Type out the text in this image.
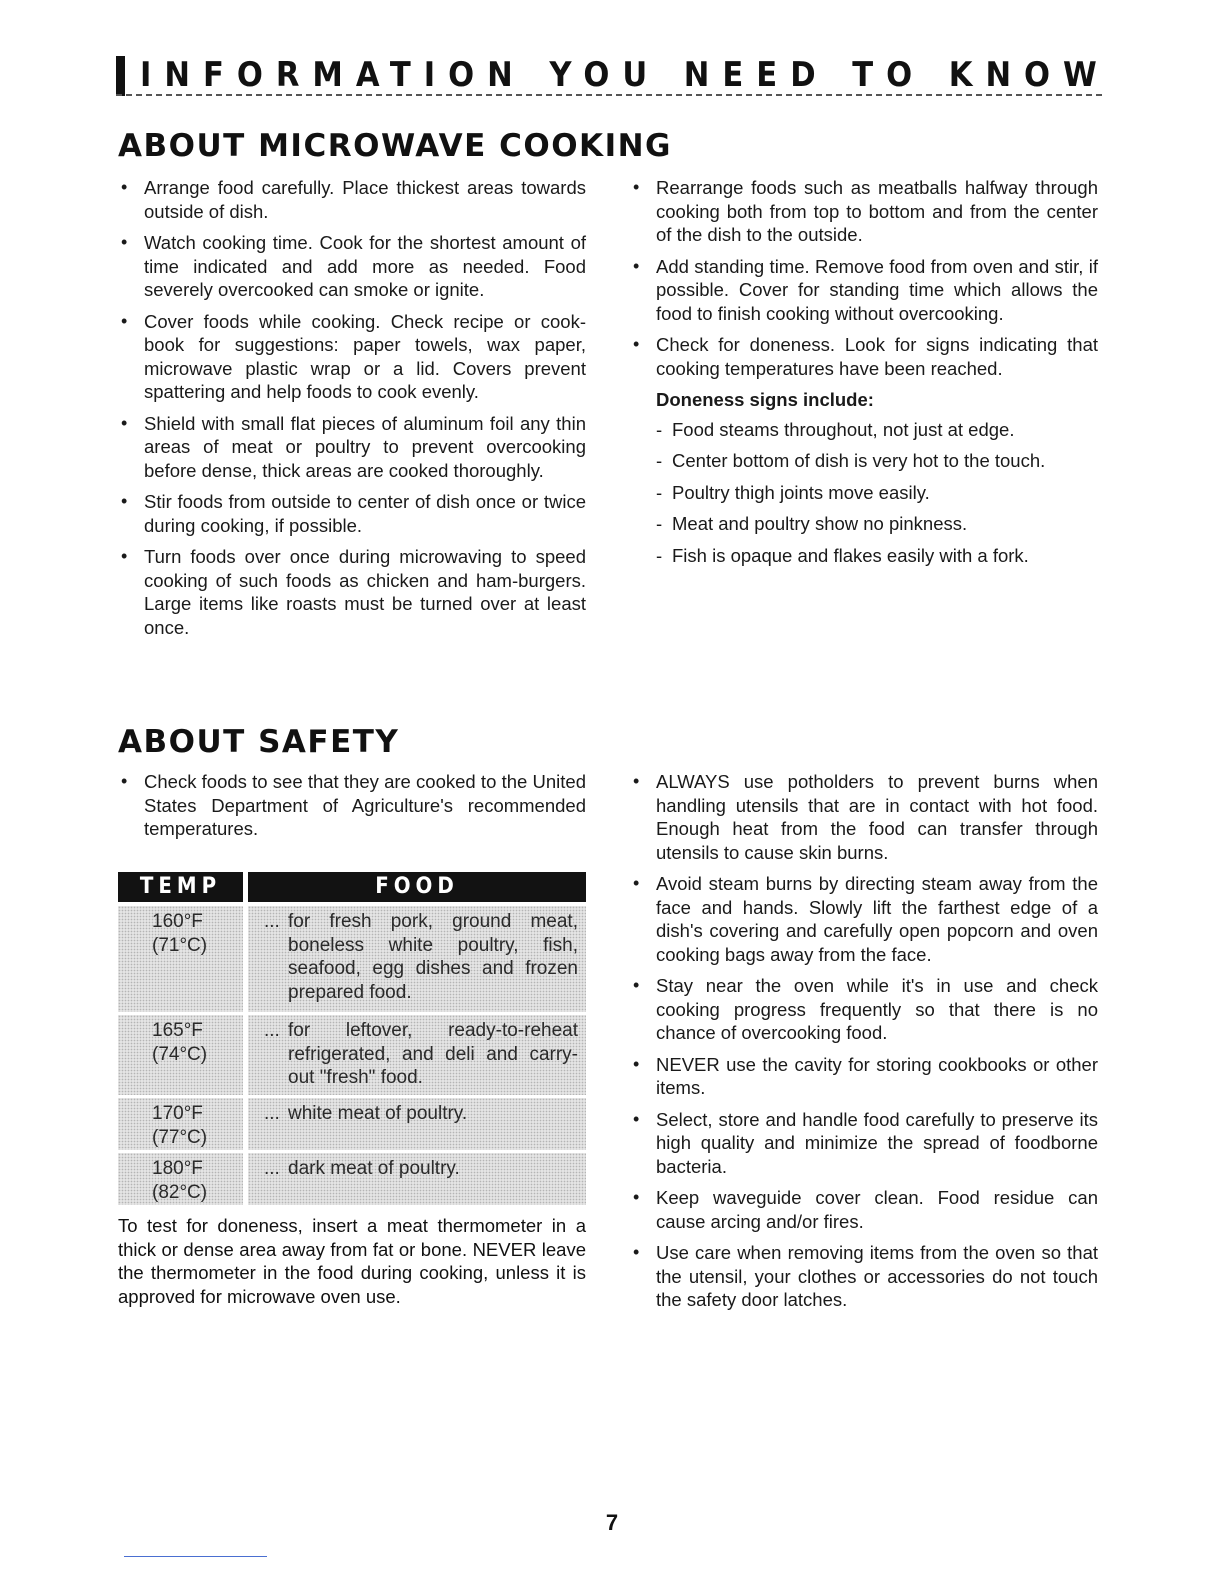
INFORMATION YOU NEED TO KNOW
ABOUT MICROWAVE COOKING
• Arrange food carefully. Place thickest areas towards outside of dish.
• Watch cooking time. Cook for the shortest amount of time indicated and add more as needed. Food severely overcooked can smoke or ignite.
• Cover foods while cooking. Check recipe or cook-book for suggestions: paper towels, wax paper, microwave plastic wrap or a lid. Covers prevent spattering and help foods to cook evenly.
• Shield with small flat pieces of aluminum foil any thin areas of meat or poultry to prevent overcooking before dense, thick areas are cooked thoroughly.
• Stir foods from outside to center of dish once or twice during cooking, if possible.
• Turn foods over once during microwaving to speed cooking of such foods as chicken and ham-burgers. Large items like roasts must be turned over at least once.
• Rearrange foods such as meatballs halfway through cooking both from top to bottom and from the center of the dish to the outside.
• Add standing time. Remove food from oven and stir, if possible. Cover for standing time which allows the food to finish cooking without overcooking.
• Check for doneness. Look for signs indicating that cooking temperatures have been reached.
Doneness signs include:
- Food steams throughout, not just at edge.
- Center bottom of dish is very hot to the touch.
- Poultry thigh joints move easily.
- Meat and poultry show no pinkness.
- Fish is opaque and flakes easily with a fork.
ABOUT SAFETY
• Check foods to see that they are cooked to the United States Department of Agriculture's recommended temperatures.
TEMP	FOOD
160°F
(71°C)
... for fresh pork, ground meat, boneless white poultry, fish, seafood, egg dishes and frozen prepared food.
165°F
(74°C)
... for leftover, ready-to-reheat refrigerated, and deli and carry-out "fresh" food.
170°F
(77°C)
... white meat of poultry.
180°F
(82°C)
... dark meat of poultry.

To test for doneness, insert a meat thermometer in a thick or dense area away from fat or bone. NEVER leave the thermometer in the food during cooking, unless it is approved for microwave oven use.

• ALWAYS use potholders to prevent burns when handling utensils that are in contact with hot food. Enough heat from the food can transfer through utensils to cause skin burns.
• Avoid steam burns by directing steam away from the face and hands. Slowly lift the farthest edge of a dish's covering and carefully open popcorn and oven cooking bags away from the face.
• Stay near the oven while it's in use and check cooking progress frequently so that there is no chance of overcooking food.
• NEVER use the cavity for storing cookbooks or other items.
• Select, store and handle food carefully to preserve its high quality and minimize the spread of foodborne bacteria.
• Keep waveguide cover clean. Food residue can cause arcing and/or fires.
• Use care when removing items from the oven so that the utensil, your clothes or accessories do not touch the safety door latches.
7
